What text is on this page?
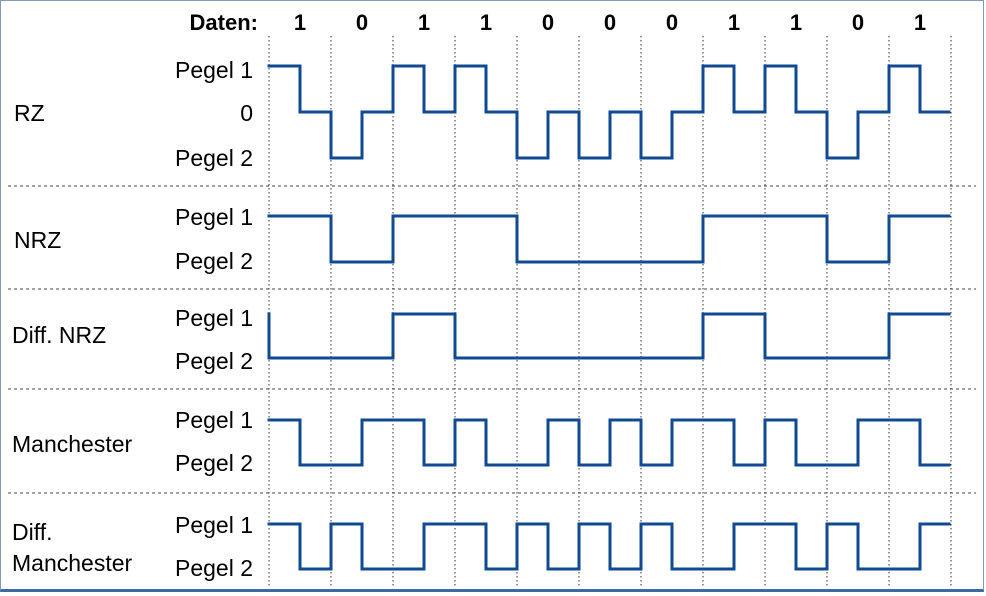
Daten: 1 0 1 1 0 0 0 1 1 0 1
RZ
Pegel 1
0
Pegel 2
NRZ
Pegel 1
Pegel 2
Diff. NRZ
Pegel 1
Pegel 2
Manchester
Pegel 1
Pegel 2
Diff.
Manchester
Pegel 1
Pegel 2
